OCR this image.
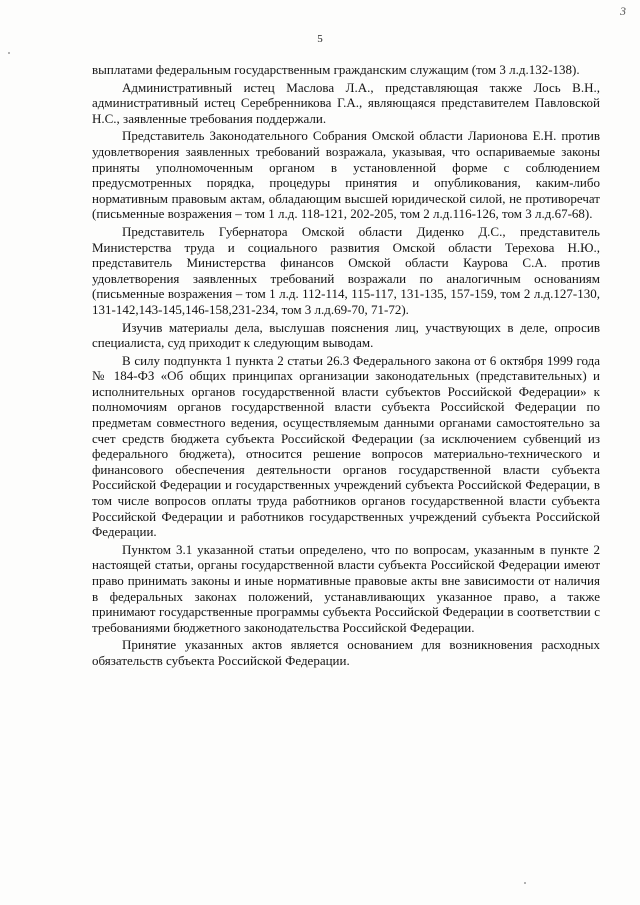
3
5

выплатами федеральным государственным гражданским служащим (том 3 л.д.132-138).

Административный истец Маслова Л.А., представляющая также Лось В.Н., административный истец Серебренникова Г.А., являющаяся представителем Павловской Н.С., заявленные требования поддержали.

Представитель Законодательного Собрания Омской области Ларионова Е.Н. против удовлетворения заявленных требований возражала, указывая, что оспариваемые законы приняты уполномоченным органом в установленной форме с соблюдением предусмотренных порядка, процедуры принятия и опубликования, каким-либо нормативным правовым актам, обладающим высшей юридической силой, не противоречат (письменные возражения – том 1 л.д. 118-121, 202-205, том 2 л.д.116-126, том 3 л.д.67-68).

Представитель Губернатора Омской области Диденко Д.С., представитель Министерства труда и социального развития Омской области Терехова Н.Ю., представитель Министерства финансов Омской области Каурова С.А. против удовлетворения заявленных требований возражали по аналогичным основаниям (письменные возражения – том 1 л.д. 112-114, 115-117, 131-135, 157-159, том 2 л.д.127-130, 131-142,143-145,146-158,231-234, том 3 л.д.69-70, 71-72).

Изучив материалы дела, выслушав пояснения лиц, участвующих в деле, опросив специалиста, суд приходит к следующим выводам.

В силу подпункта 1 пункта 2 статьи 26.3 Федерального закона от 6 октября 1999 года № 184-ФЗ «Об общих принципах организации законодательных (представительных) и исполнительных органов государственной власти субъектов Российской Федерации» к полномочиям органов государственной власти субъекта Российской Федерации по предметам совместного ведения, осуществляемым данными органами самостоятельно за счет средств бюджета субъекта Российской Федерации (за исключением субвенций из федерального бюджета), относится решение вопросов материально-технического и финансового обеспечения деятельности органов государственной власти субъекта Российской Федерации и государственных учреждений субъекта Российской Федерации, в том числе вопросов оплаты труда работников органов государственной власти субъекта Российской Федерации и работников государственных учреждений субъекта Российской Федерации.

Пунктом 3.1 указанной статьи определено, что по вопросам, указанным в пункте 2 настоящей статьи, органы государственной власти субъекта Российской Федерации имеют право принимать законы и иные нормативные правовые акты вне зависимости от наличия в федеральных законах положений, устанавливающих указанное право, а также принимают государственные программы субъекта Российской Федерации в соответствии с требованиями бюджетного законодательства Российской Федерации.

Принятие указанных актов является основанием для возникновения расходных обязательств субъекта Российской Федерации.
